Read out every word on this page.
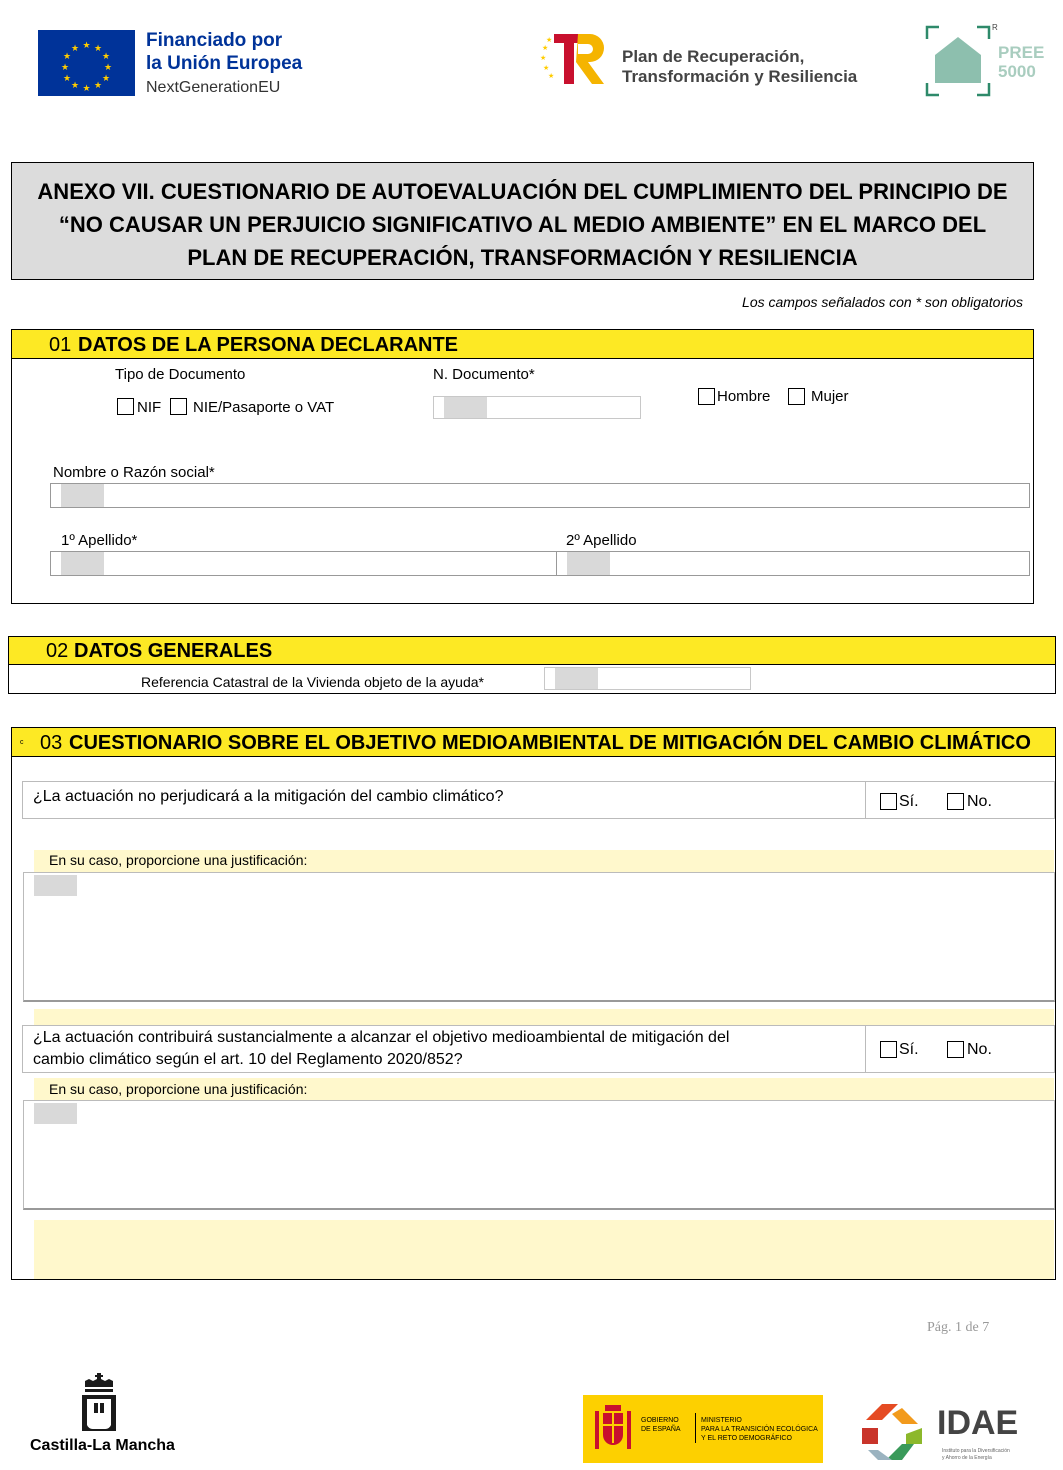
★ ★
★
★
★
★
★
★
★
★
★
★	Financiado por
la Unión Europea
NextGenerationEU
★
★
★
★
★
Plan de Recuperación,
Transformación y Resiliencia
R
PREE
5000
ANEXO VII. CUESTIONARIO DE AUTOEVALUACIÓN DEL CUMPLIMIENTO DEL PRINCIPIO DE
“NO CAUSAR UN PERJUICIO SIGNIFICATIVO AL MEDIO AMBIENTE” EN EL MARCO DEL
PLAN DE RECUPERACIÓN, TRANSFORMACIÓN Y RESILIENCIA
Los campos señalados con * son obligatorios
01 DATOS DE LA PERSONA DECLARANTE
Tipo de Documento
NIF NIE/Pasaporte o VAT
N. Documento*
Hombre	Mujer
Nombre o Razón social*
1º Apellido*	2º Apellido
02 DATOS GENERALES
Referencia Catastral de la Vivienda objeto de la ayuda*
c 03 CUESTIONARIO SOBRE EL OBJETIVO MEDIOAMBIENTAL DE MITIGACIÓN DEL CAMBIO CLIMÁTICO
¿La actuación no perjudicará a la mitigación del cambio climático?	Sí.	No.
En su caso, proporcione una justificación:
¿La actuación contribuirá sustancialmente a alcanzar el objetivo medioambiental de mitigación del
cambio climático según el art. 10 del Reglamento 2020/852?
Sí.	No.
En su caso, proporcione una justificación:
Pág. 1 de 7
Castilla-La Mancha
GOBIERNO
DE ESPAÑA
MINISTERIO
PARA LA TRANSICIÓN ECOLÓGICA
Y EL RETO DEMOGRÁFICO	IDAE
Instituto para la Diversificación
y Ahorro de la Energía
